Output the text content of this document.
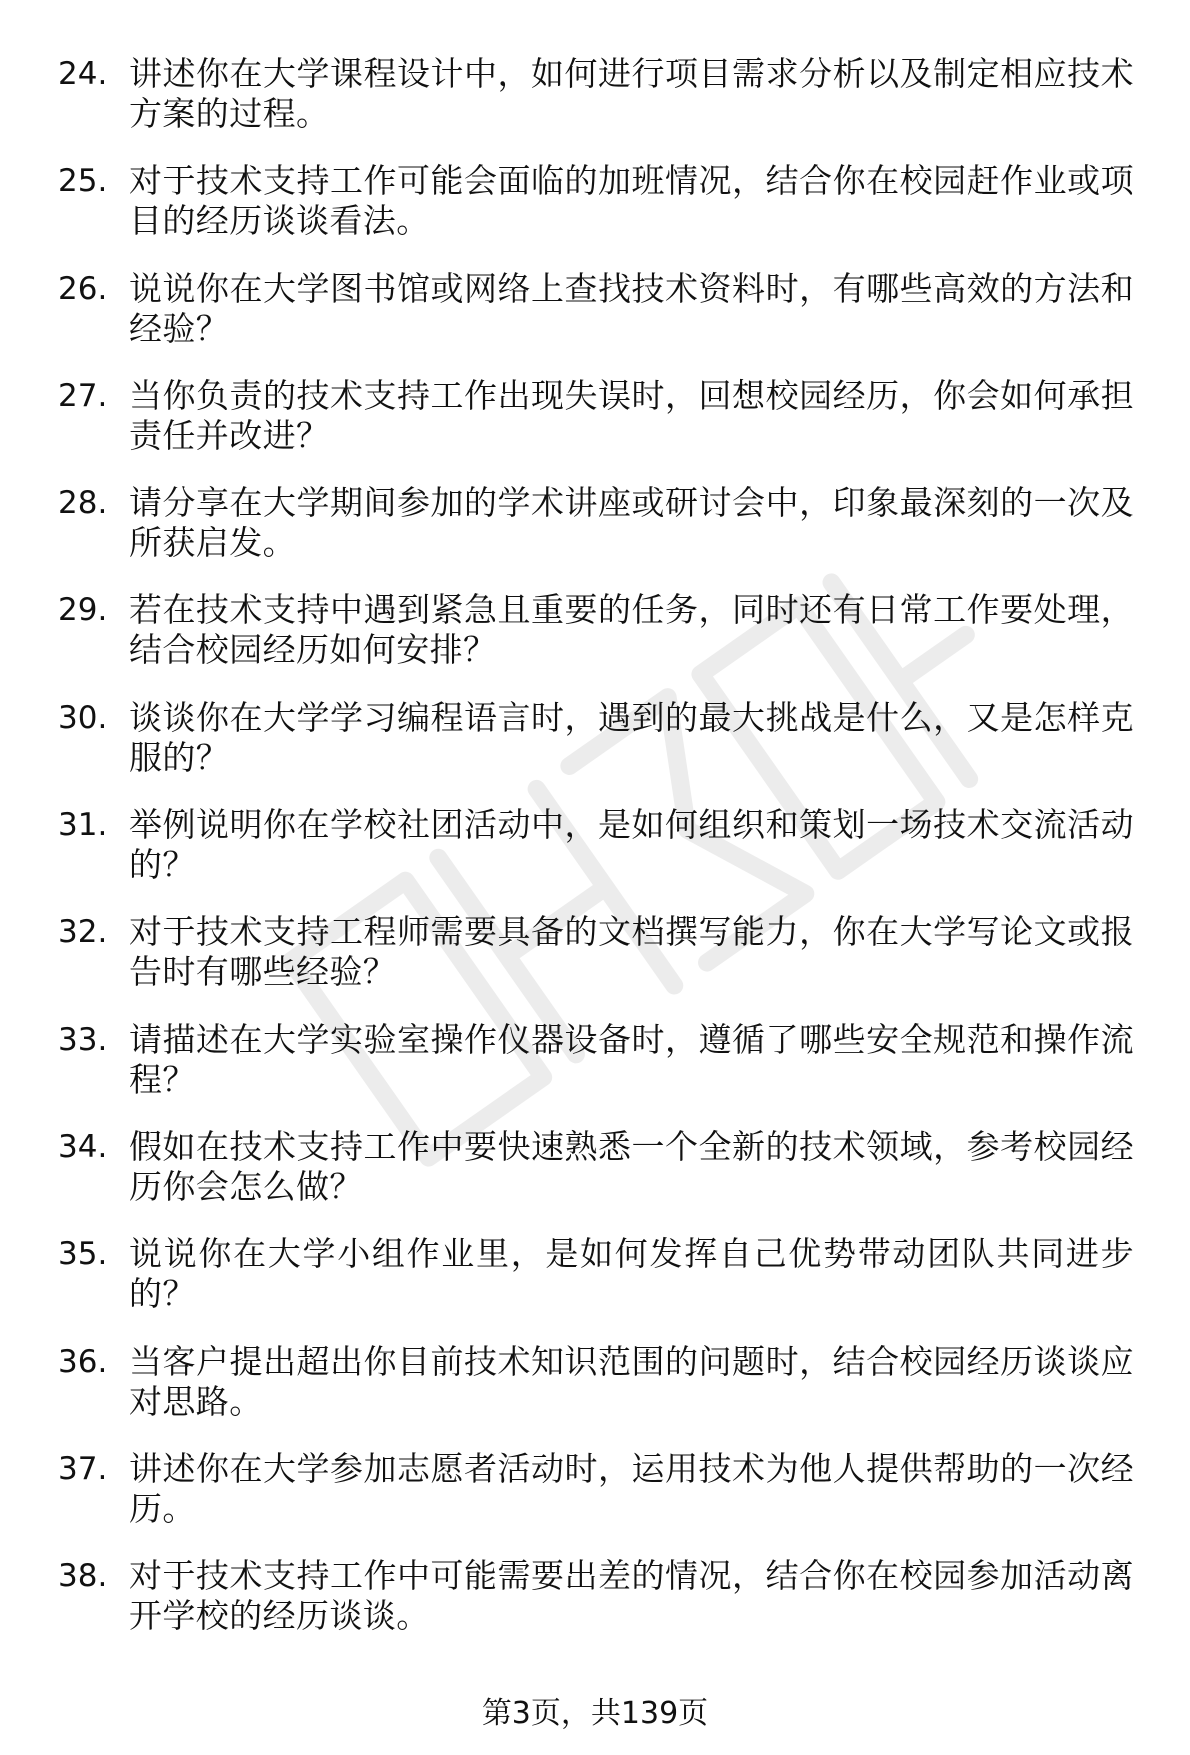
24. 讲述你在大学课程设计中，如何进行项目需求分析以及制定相应技术方案的过程。
25. 对于技术支持工作可能会面临的加班情况，结合你在校园赶作业或项目的经历谈谈看法。
26. 说说你在大学图书馆或网络上查找技术资料时，有哪些高效的方法和经验？
27. 当你负责的技术支持工作出现失误时，回想校园经历，你会如何承担责任并改进？
28. 请分享在大学期间参加的学术讲座或研讨会中，印象最深刻的一次及所获启发。
29. 若在技术支持中遇到紧急且重要的任务，同时还有日常工作要处理，结合校园经历如何安排？
30. 谈谈你在大学学习编程语言时，遇到的最大挑战是什么，又是怎样克服的？
31. 举例说明你在学校社团活动中，是如何组织和策划一场技术交流活动的？
32. 对于技术支持工程师需要具备的文档撰写能力，你在大学写论文或报告时有哪些经验？
33. 请描述在大学实验室操作仪器设备时，遵循了哪些安全规范和操作流程？
34. 假如在技术支持工作中要快速熟悉一个全新的技术领域，参考校园经历你会怎么做？
35. 说说你在大学小组作业里，是如何发挥自己优势带动团队共同进步的？
36. 当客户提出超出你目前技术知识范围的问题时，结合校园经历谈谈应对思路。
37. 讲述你在大学参加志愿者活动时，运用技术为他人提供帮助的一次经历。
38. 对于技术支持工作中可能需要出差的情况，结合你在校园参加活动离开学校的经历谈谈。
第3页，共139页
